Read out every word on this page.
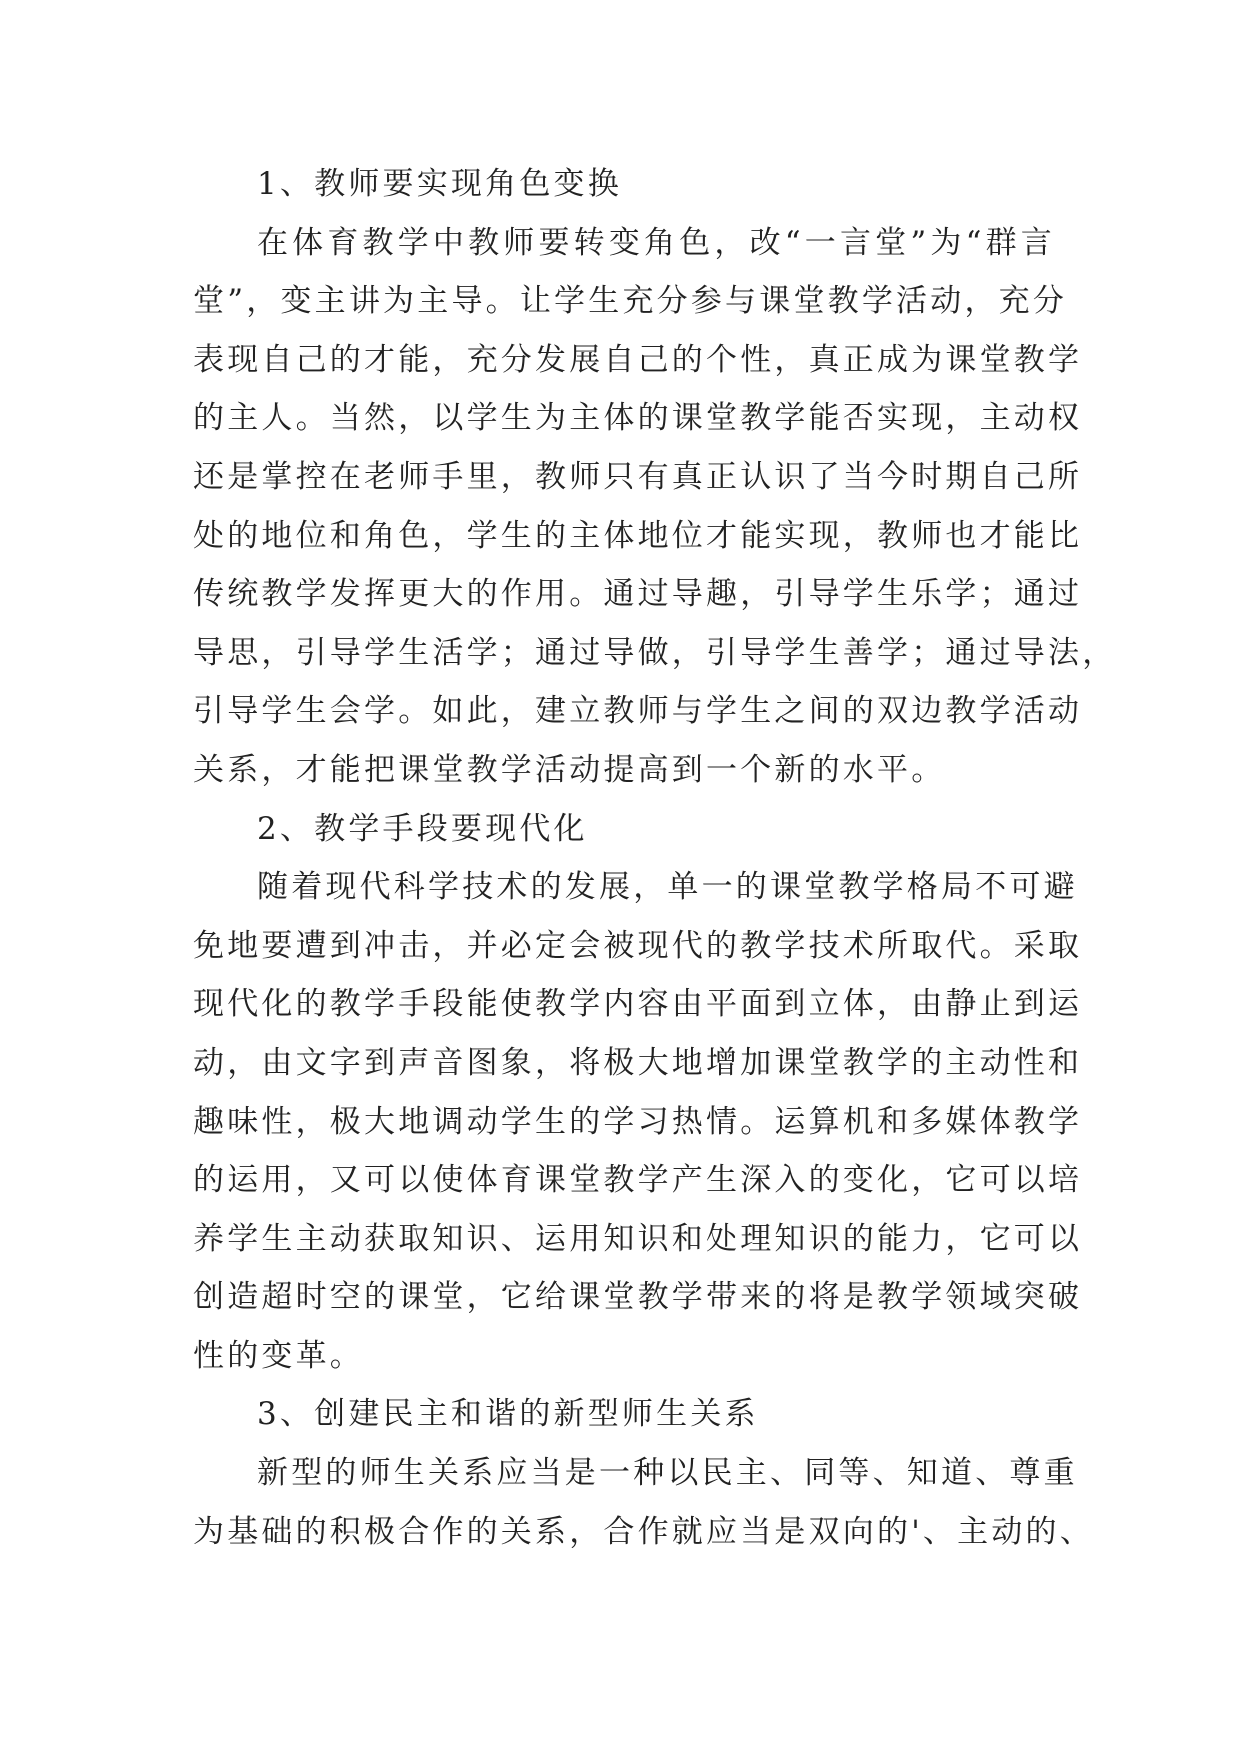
1、教师要实现角色变换
在体育教学中教师要转变角色，改“一言堂”为“群言
堂”，变主讲为主导。让学生充分参与课堂教学活动，充分
表现自己的才能，充分发展自己的个性，真正成为课堂教学
的主人。当然，以学生为主体的课堂教学能否实现，主动权
还是掌控在老师手里，教师只有真正认识了当今时期自己所
处的地位和角色，学生的主体地位才能实现，教师也才能比
传统教学发挥更大的作用。通过导趣，引导学生乐学；通过
导思，引导学生活学；通过导做，引导学生善学；通过导法，
引导学生会学。如此，建立教师与学生之间的双边教学活动
关系，才能把课堂教学活动提高到一个新的水平。
2、教学手段要现代化
随着现代科学技术的发展，单一的课堂教学格局不可避
免地要遭到冲击，并必定会被现代的教学技术所取代。采取
现代化的教学手段能使教学内容由平面到立体，由静止到运
动，由文字到声音图象，将极大地增加课堂教学的主动性和
趣味性，极大地调动学生的学习热情。运算机和多媒体教学
的运用，又可以使体育课堂教学产生深入的变化，它可以培
养学生主动获取知识、运用知识和处理知识的能力，它可以
创造超时空的课堂，它给课堂教学带来的将是教学领域突破
性的变革。
3、创建民主和谐的新型师生关系
新型的师生关系应当是一种以民主、同等、知道、尊重
为基础的积极合作的关系，合作就应当是双向的'、主动的、
